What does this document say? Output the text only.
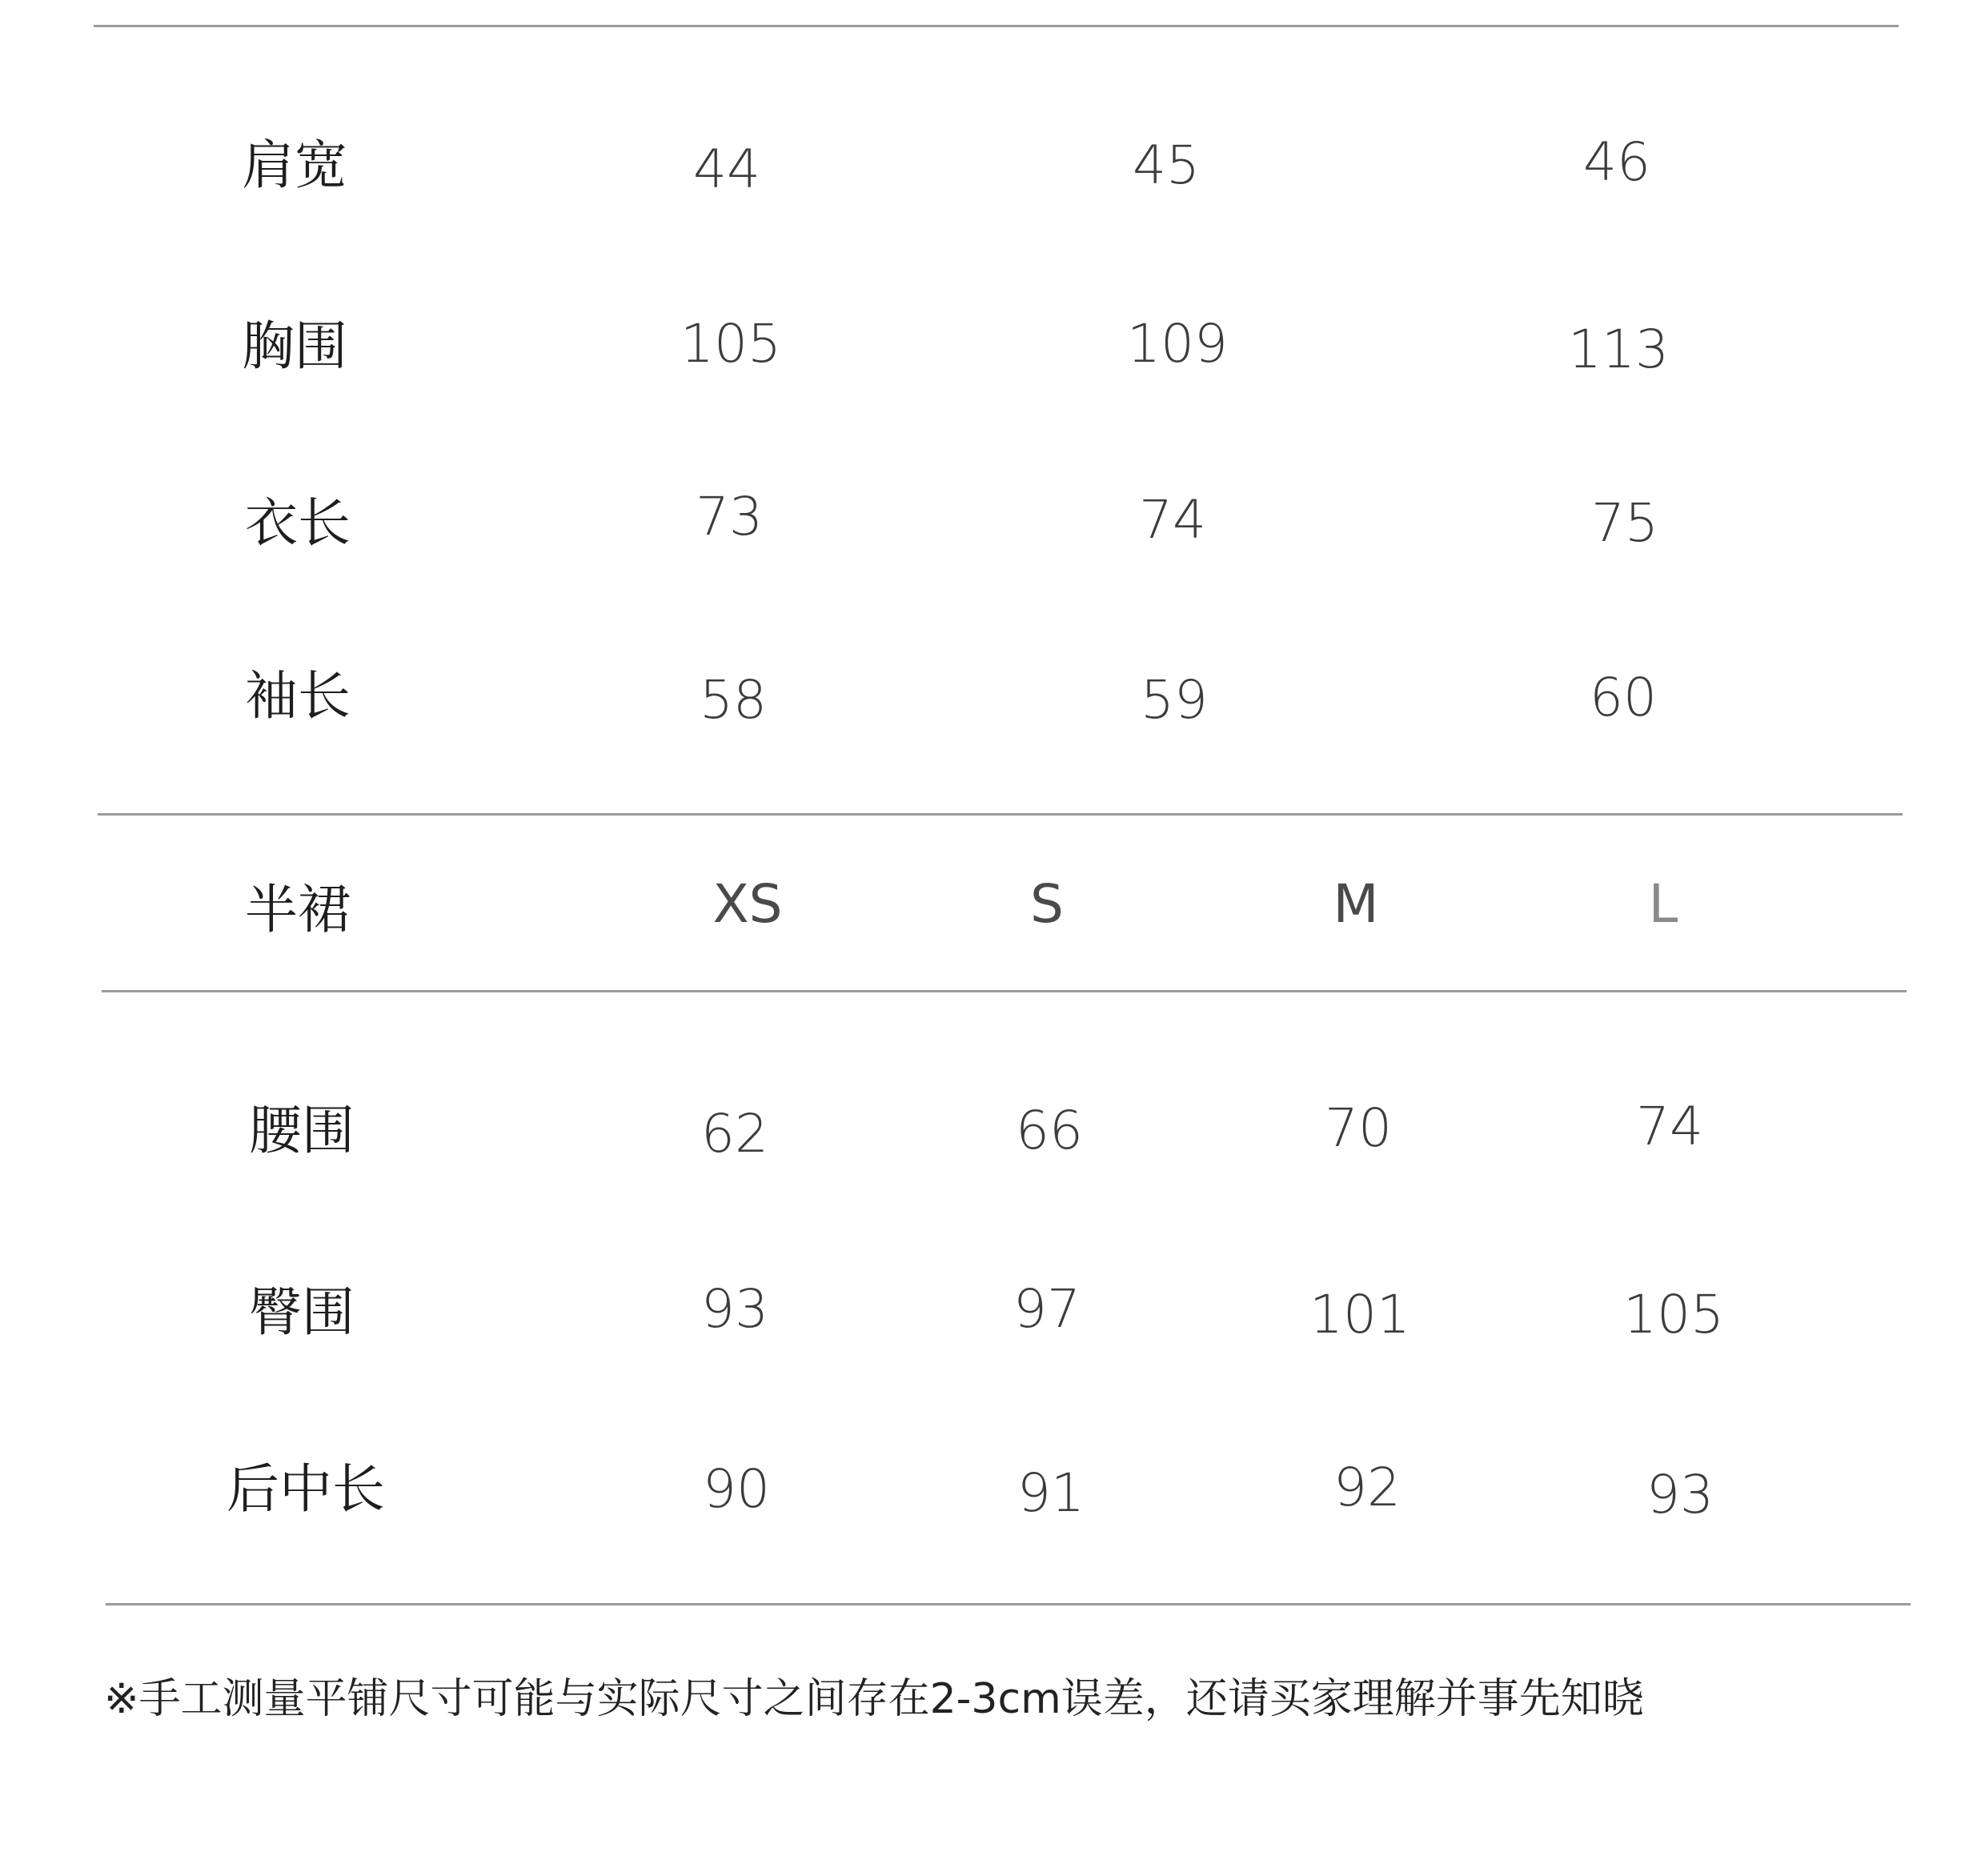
肩宽	44	45	46
胸围	105	109	113
衣长	73	74	75
袖长	58	59	60
半裙	XS	S	M	L
腰围	62	66	70	74
臀围	93	97	101	105
后中长	90	91	92	93
※手工测量平铺尺寸可能与实际尺寸之间存在2-3cm误差，还请买家理解并事先知晓
